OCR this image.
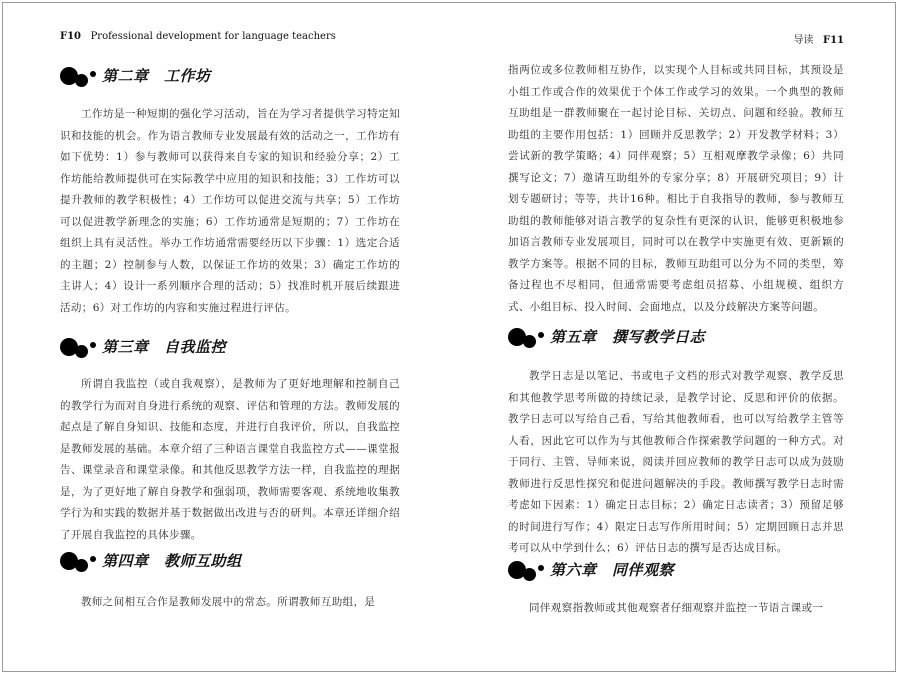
F10 Professional development for language teachers
第二章　工作坊

工作坊是一种短期的强化学习活动，旨在为学习者提供学习特定知识和技能的机会。作为语言教师专业发展最有效的活动之一，工作坊有如下优势：1）参与教师可以获得来自专家的知识和经验分享；2）工作坊能给教师提供可在实际教学中应用的知识和技能；3）工作坊可以提升教师的教学积极性；4）工作坊可以促进交流与共享；5）工作坊可以促进教学新理念的实施；6）工作坊通常是短期的；7）工作坊在组织上具有灵活性。举办工作坊通常需要经历以下步骤：1）选定合适的主题；2）控制参与人数，以保证工作坊的效果；3）确定工作坊的主讲人；4）设计一系列顺序合理的活动；5）找准时机开展后续跟进活动；6）对工作坊的内容和实施过程进行评估。

第三章　自我监控

所谓自我监控（或自我观察），是教师为了更好地理解和控制自己的教学行为而对自身进行系统的观察、评估和管理的方法。教师发展的起点是了解自身知识、技能和态度，并进行自我评价，所以，自我监控是教师发展的基础。本章介绍了三种语言课堂自我监控方式——课堂报告、课堂录音和课堂录像。和其他反思教学方法一样，自我监控的理据是，为了更好地了解自身教学和强弱项，教师需要客观、系统地收集教学行为和实践的数据并基于数据做出改进与否的研判。本章还详细介绍了开展自我监控的具体步骤。

第四章　教师互助组

教师之间相互合作是教师发展中的常态。所谓教师互助组，是

导读 F11

指两位或多位教师相互协作，以实现个人目标或共同目标，其预设是小组工作或合作的效果优于个体工作或学习的效果。一个典型的教师互助组是一群教师聚在一起讨论目标、关切点、问题和经验。教师互助组的主要作用包括：1）回顾并反思教学；2）开发教学材料；3）尝试新的教学策略；4）同伴观察；5）互相观摩教学录像；6）共同撰写论文；7）邀请互助组外的专家分享；8）开展研究项目；9）计划专题研讨；等等，共计16种。相比于自我指导的教师，参与教师互助组的教师能够对语言教学的复杂性有更深的认识，能够更积极地参加语言教师专业发展项目，同时可以在教学中实施更有效、更新颖的教学方案等。根据不同的目标，教师互助组可以分为不同的类型，筹备过程也不尽相同，但通常需要考虑组员招募、小组规模、组织方式、小组目标、投入时间、会面地点，以及分歧解决方案等问题。

第五章　撰写教学日志

教学日志是以笔记、书或电子文档的形式对教学观察、教学反思和其他教学思考所做的持续记录，是教学讨论、反思和评价的依据。教学日志可以写给自己看，写给其他教师看，也可以写给教学主管等人看，因此它可以作为与其他教师合作探索教学问题的一种方式。对于同行、主管、导师来说，阅读并回应教师的教学日志可以成为鼓励教师进行反思性探究和促进问题解决的手段。教师撰写教学日志时需考虑如下因素：1）确定日志目标；2）确定日志读者；3）预留足够的时间进行写作；4）限定日志写作所用时间；5）定期回顾日志并思考可以从中学到什么；6）评估日志的撰写是否达成目标。

第六章　同伴观察

同伴观察指教师或其他观察者仔细观察并监控一节语言课或一
